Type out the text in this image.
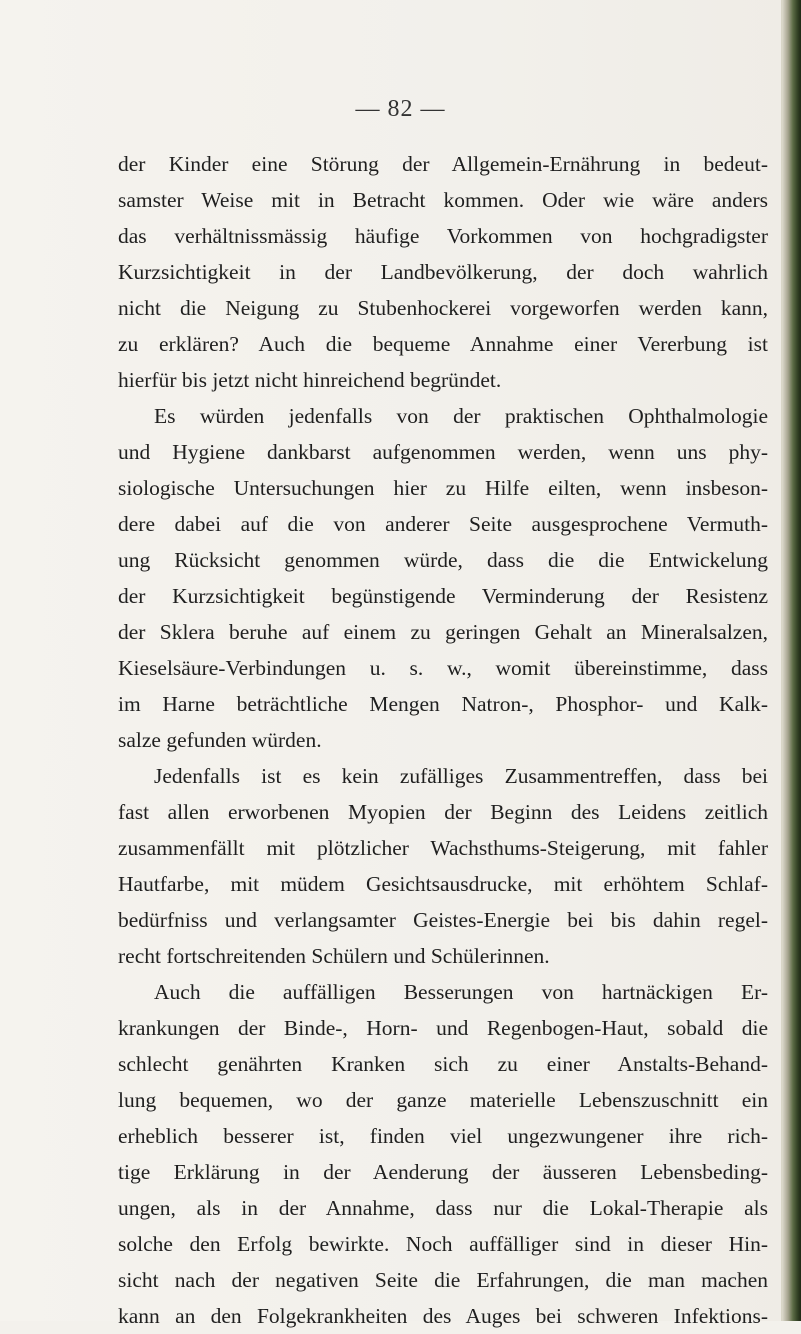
— 82 —
der Kinder eine Störung der Allgemein-Ernährung in bedeut-
samster Weise mit in Betracht kommen. Oder wie wäre anders
das verhältnissmässig häufige Vorkommen von hochgradigster
Kurzsichtigkeit in der Landbevölkerung, der doch wahrlich
nicht die Neigung zu Stubenhockerei vorgeworfen werden kann,
zu erklären? Auch die bequeme Annahme einer Vererbung ist
hierfür bis jetzt nicht hinreichend begründet.
Es würden jedenfalls von der praktischen Ophthalmologie
und Hygiene dankbarst aufgenommen werden, wenn uns phy-
siologische Untersuchungen hier zu Hilfe eilten, wenn insbeson-
dere dabei auf die von anderer Seite ausgesprochene Vermuth-
ung Rücksicht genommen würde, dass die die Entwickelung
der Kurzsichtigkeit begünstigende Verminderung der Resistenz
der Sklera beruhe auf einem zu geringen Gehalt an Mineralsalzen,
Kieselsäure-Verbindungen u. s. w., womit übereinstimme, dass
im Harne beträchtliche Mengen Natron-, Phosphor- und Kalk-
salze gefunden würden.
Jedenfalls ist es kein zufälliges Zusammentreffen, dass bei
fast allen erworbenen Myopien der Beginn des Leidens zeitlich
zusammenfällt mit plötzlicher Wachsthums-Steigerung, mit fahler
Hautfarbe, mit müdem Gesichtsausdrucke, mit erhöhtem Schlaf-
bedürfniss und verlangsamter Geistes-Energie bei bis dahin regel-
recht fortschreitenden Schülern und Schülerinnen.
Auch die auffälligen Besserungen von hartnäckigen Er-
krankungen der Binde-, Horn- und Regenbogen-Haut, sobald die
schlecht genährten Kranken sich zu einer Anstalts-Behand-
lung bequemen, wo der ganze materielle Lebenszuschnitt ein
erheblich besserer ist, finden viel ungezwungener ihre rich-
tige Erklärung in der Aenderung der äusseren Lebensbeding-
ungen, als in der Annahme, dass nur die Lokal-Therapie als
solche den Erfolg bewirkte. Noch auffälliger sind in dieser Hin-
sicht nach der negativen Seite die Erfahrungen, die man machen
kann an den Folgekrankheiten des Auges bei schweren Infektions-
